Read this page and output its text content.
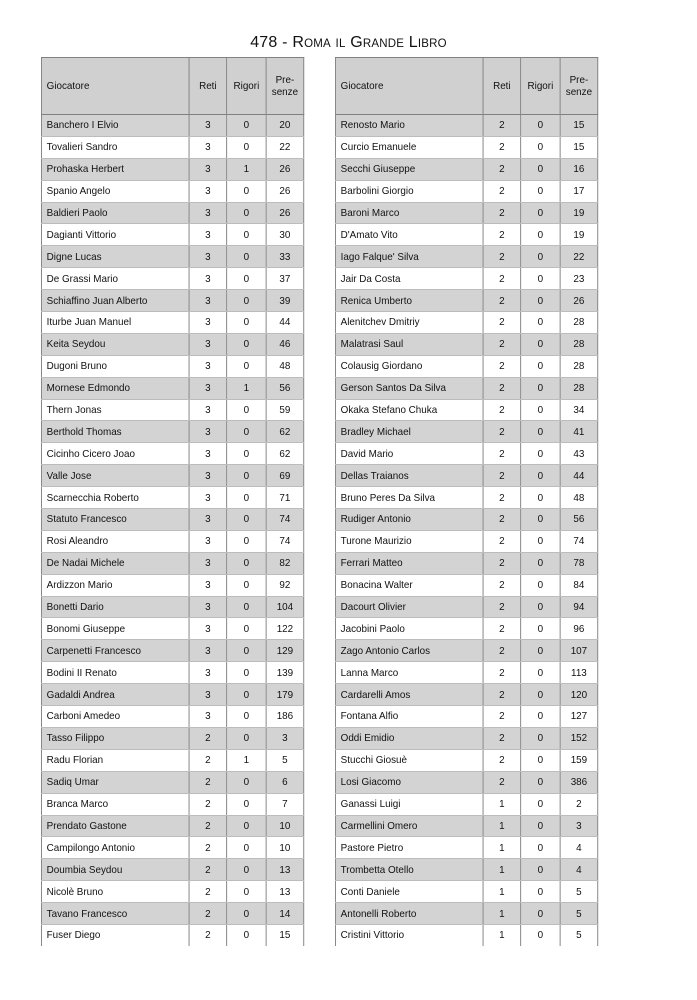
478 - ROMA IL GRANDE LIBRO
Giocatore	Reti	Rigori	Pre-
senze
Banchero I Elvio	3	0	20
Tovalieri Sandro	3	0	22
Prohaska Herbert	3	1	26
Spanio Angelo	3	0	26
Baldieri Paolo	3	0	26
Dagianti Vittorio	3	0	30
Digne Lucas	3	0	33
De Grassi Mario	3	0	37
Schiaffino Juan Alberto	3	0	39
Iturbe Juan Manuel	3	0	44
Keita Seydou	3	0	46
Dugoni Bruno	3	0	48
Mornese Edmondo	3	1	56
Thern Jonas	3	0	59
Berthold Thomas	3	0	62
Cicinho Cicero Joao	3	0	62
Valle Jose	3	0	69
Scarnecchia Roberto	3	0	71
Statuto Francesco	3	0	74
Rosi Aleandro	3	0	74
De Nadai Michele	3	0	82
Ardizzon Mario	3	0	92
Bonetti Dario	3	0	104
Bonomi Giuseppe	3	0	122
Carpenetti Francesco	3	0	129
Bodini II Renato	3	0	139
Gadaldi Andrea	3	0	179
Carboni Amedeo	3	0	186
Tasso Filippo	2	0	3
Radu Florian	2	1	5
Sadiq Umar	2	0	6
Branca Marco	2	0	7
Prendato Gastone	2	0	10
Campilongo Antonio	2	0	10
Doumbia Seydou	2	0	13
Nicolè Bruno	2	0	13
Tavano Francesco	2	0	14
Fuser Diego	2	0	15
Giocatore	Reti	Rigori	Pre-
senze
Renosto Mario	2	0	15
Curcio Emanuele	2	0	15
Secchi Giuseppe	2	0	16
Barbolini Giorgio	2	0	17
Baroni Marco	2	0	19
D'Amato Vito	2	0	19
Iago Falque' Silva	2	0	22
Jair Da Costa	2	0	23
Renica Umberto	2	0	26
Alenitchev Dmitriy	2	0	28
Malatrasi Saul	2	0	28
Colausig Giordano	2	0	28
Gerson Santos Da Silva	2	0	28
Okaka Stefano Chuka	2	0	34
Bradley Michael	2	0	41
David Mario	2	0	43
Dellas Traianos	2	0	44
Bruno Peres Da Silva	2	0	48
Rudiger Antonio	2	0	56
Turone Maurizio	2	0	74
Ferrari Matteo	2	0	78
Bonacina Walter	2	0	84
Dacourt Olivier	2	0	94
Jacobini Paolo	2	0	96
Zago Antonio Carlos	2	0	107
Lanna Marco	2	0	113
Cardarelli Amos	2	0	120
Fontana Alfio	2	0	127
Oddi Emidio	2	0	152
Stucchi Giosuè	2	0	159
Losi Giacomo	2	0	386
Ganassi Luigi	1	0	2
Carmellini Omero	1	0	3
Pastore Pietro	1	0	4
Trombetta Otello	1	0	4
Conti Daniele	1	0	5
Antonelli Roberto	1	0	5
Cristini Vittorio	1	0	5
